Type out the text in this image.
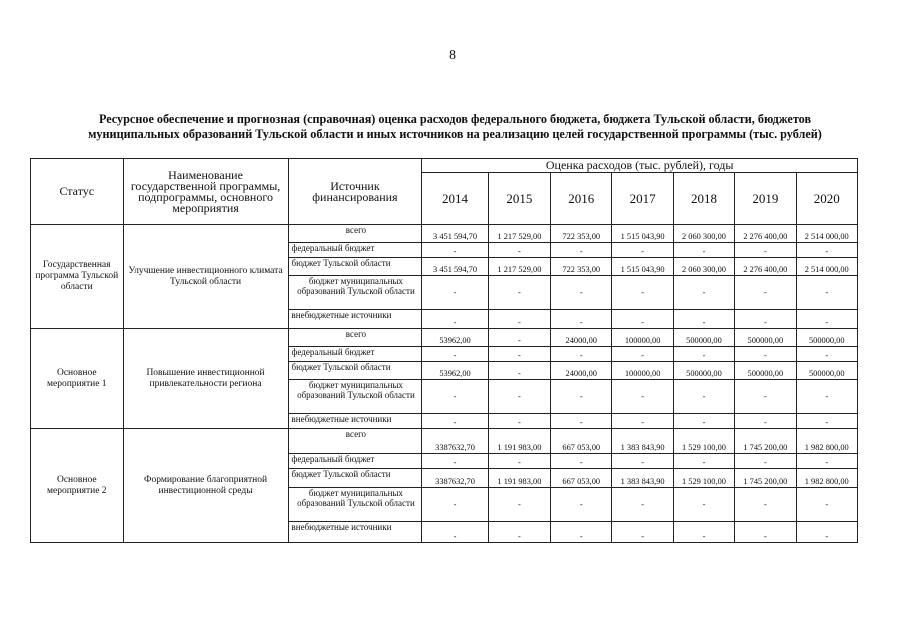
8
Ресурсное обеспечение и прогнозная (справочная) оценка расходов федерального бюджета, бюджета Тульской области, бюджетов
муниципальных образований Тульской области и иных источников на реализацию целей государственной программы (тыс. рублей)
Статус	Наименование государственной программы, подпрограммы, основного мероприятия	Источник финансирования	Оценка расходов (тыс. рублей), годы						
			2014	2015	2016	2017	2018	2019	2020
Государственная программа Тульской области	Улучшение инвестиционного климата Тульской области	всего	3 451 594,70	1 217 529,00	722 353,00	1 515 043,90	2 060 300,00	2 276 400,00	2 514 000,00
		федеральный бюджет	-	-	-	-	-	-	-
		бюджет Тульской области	3 451 594,70	1 217 529,00	722 353,00	1 515 043,90	2 060 300,00	2 276 400,00	2 514 000,00
		бюджет муниципальных образований Тульской области	-	-	-	-	-	-	-
		внебюджетные источники	-	-	-	-	-	-	-
Основное мероприятие 1	Повышение инвестиционной привлекательности региона	всего	53962,00	-	24000,00	100000,00	500000,00	500000,00	500000,00
		федеральный бюджет	-	-	-	-	-	-	-
		бюджет Тульской области	53962,00	-	24000,00	100000,00	500000,00	500000,00	500000,00
		бюджет муниципальных образований Тульской области	-	-	-	-	-	-	-
		внебюджетные источники	-	-	-	-	-	-	-
Основное мероприятие 2	Формирование благоприятной инвестиционной среды	всего	3387632,70	1 191 983,00	667 053,00	1 383 843,90	1 529 100,00	1 745 200,00	1 982 800,00
		федеральный бюджет	-	-	-	-	-	-	-
		бюджет Тульской области	3387632,70	1 191 983,00	667 053,00	1 383 843,90	1 529 100,00	1 745 200,00	1 982 800,00
		бюджет муниципальных образований Тульской области	-	-	-	-	-	-	-
		внебюджетные источники	-	-	-	-	-	-	-
